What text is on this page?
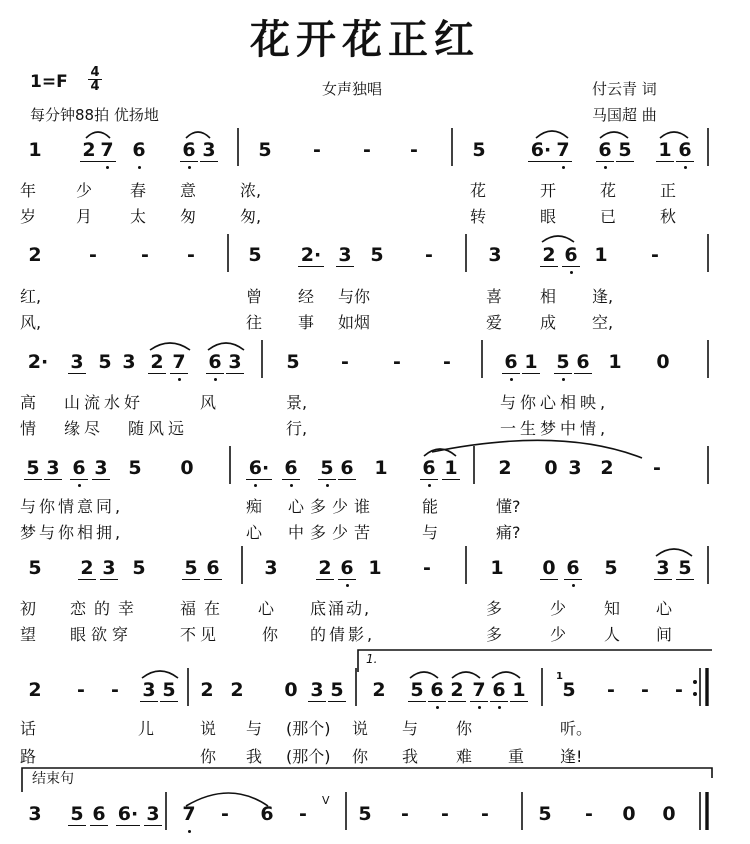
花开花正红
$1=F \frac{4}{4}$
每分钟88拍 优扬地
女声独唱	付云青 词
马国超 曲
1 2 7 6 6 3 5 - - -	5 6· 7 6 5 1 6
年 少 春 意	浓,	花	开	花	正
岁 月 太 匆	匆,	转	眼	已	秋
2 - - -	5 2· 3 5 -	3 2 6 1 -
红,	曾 经 与你	喜 相 逢,
风,	往 事 如烟	爱 成 空,
2· 3 5 3 2 7 6 3 5 - - -	6 1 5 6 1 0
高 山流水好	风	景,	与你心相映,
情 缘尽 随风远	行,	一生梦中情,
5 3 6 3 5 0	6· 6 5 6 1 6 1 2 0 3 2 -
与你情意同,	痴 心多少谁	能	懂?
梦与你相拥,	心 中多少苦	与	痛?
5 2 3 5 5 6 3 2 6 1 -	1 0 6 5 3 5
初 恋的幸 福在 心 底涌动,	多	少 知 心
望 眼欲穿	不见	你 的倩影,	多	少 人 间
1.
2 - - 3 5 2 2 0 3 5 2 5 6 2 7 6 1
1
5 - - -
话	儿	说 与 (那个) 说 与 你	听。
路	你 我 (那个) 你 我 难 重 逢!
结束句
3 5 6 6· 3 7 - 6 -
V
5 - - -	5 - 0 0
